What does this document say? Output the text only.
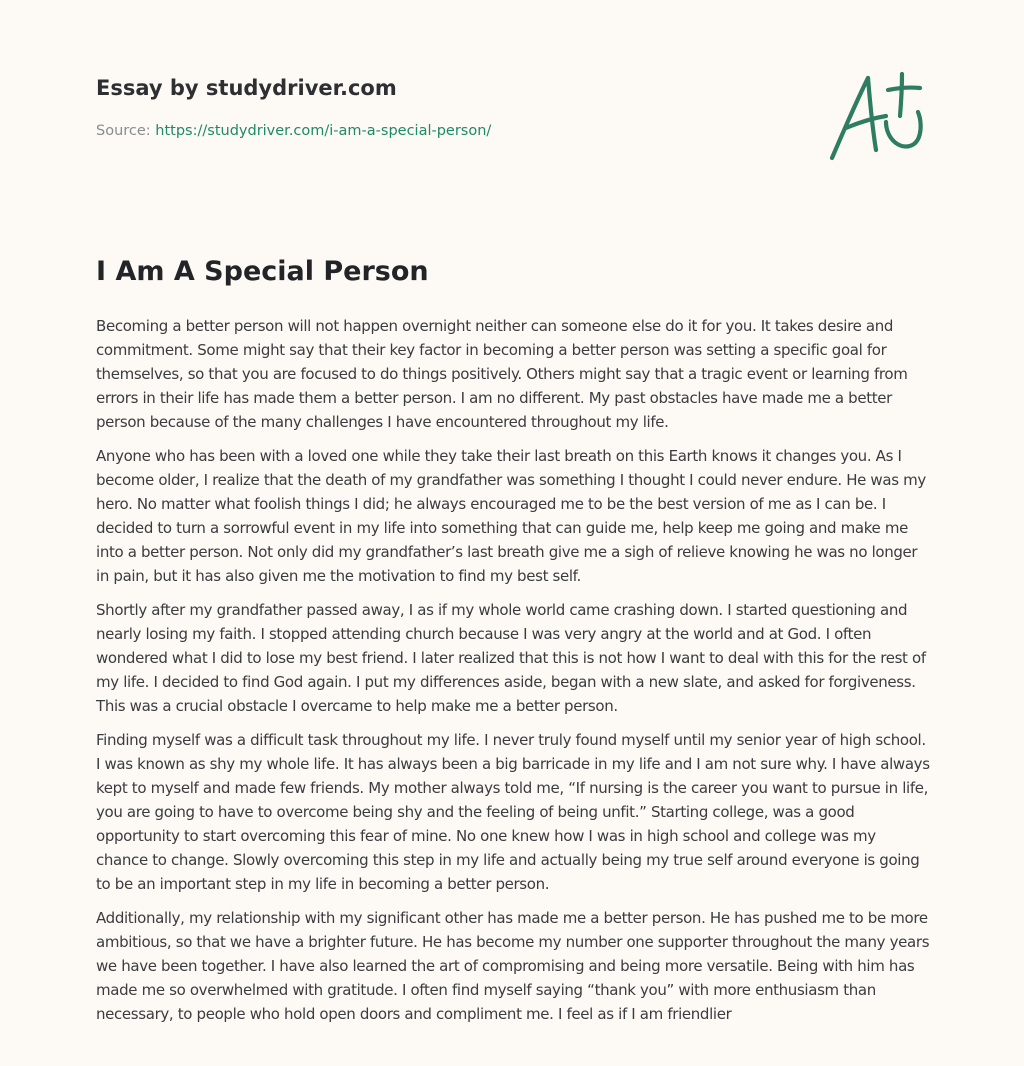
Essay by studydriver.com
Source: https://studydriver.com/i-am-a-special-person/
I Am A Special Person

Becoming a better person will not happen overnight neither can someone else do it for you. It takes desire and commitment. Some might say that their key factor in becoming a better person was setting a specific goal for themselves, so that you are focused to do things positively. Others might say that a tragic event or learning from errors in their life has made them a better person. I am no different. My past obstacles have made me a better person because of the many challenges I have encountered throughout my life.

Anyone who has been with a loved one while they take their last breath on this Earth knows it changes you. As I become older, I realize that the death of my grandfather was something I thought I could never endure. He was my hero. No matter what foolish things I did; he always encouraged me to be the best version of me as I can be. I decided to turn a sorrowful event in my life into something that can guide me, help keep me going and make me into a better person. Not only did my grandfather’s last breath give me a sigh of relieve knowing he was no longer in pain, but it has also given me the motivation to find my best self.

Shortly after my grandfather passed away, I as if my whole world came crashing down. I started questioning and nearly losing my faith. I stopped attending church because I was very angry at the world and at God. I often wondered what I did to lose my best friend. I later realized that this is not how I want to deal with this for the rest of my life. I decided to find God again. I put my differences aside, began with a new slate, and asked for forgiveness. This was a crucial obstacle I overcame to help make me a better person.

Finding myself was a difficult task throughout my life. I never truly found myself until my senior year of high school. I was known as shy my whole life. It has always been a big barricade in my life and I am not sure why. I have always kept to myself and made few friends. My mother always told me, “If nursing is the career you want to pursue in life, you are going to have to overcome being shy and the feeling of being unfit.” Starting college, was a good opportunity to start overcoming this fear of mine. No one knew how I was in high school and college was my chance to change. Slowly overcoming this step in my life and actually being my true self around everyone is going to be an important step in my life in becoming a better person.

Additionally, my relationship with my significant other has made me a better person. He has pushed me to be more ambitious, so that we have a brighter future. He has become my number one supporter throughout the many years we have been together. I have also learned the art of compromising and being more versatile. Being with him has made me so overwhelmed with gratitude. I often find myself saying “thank you” with more enthusiasm than necessary, to people who hold open doors and compliment me. I feel as if I am friendlier
